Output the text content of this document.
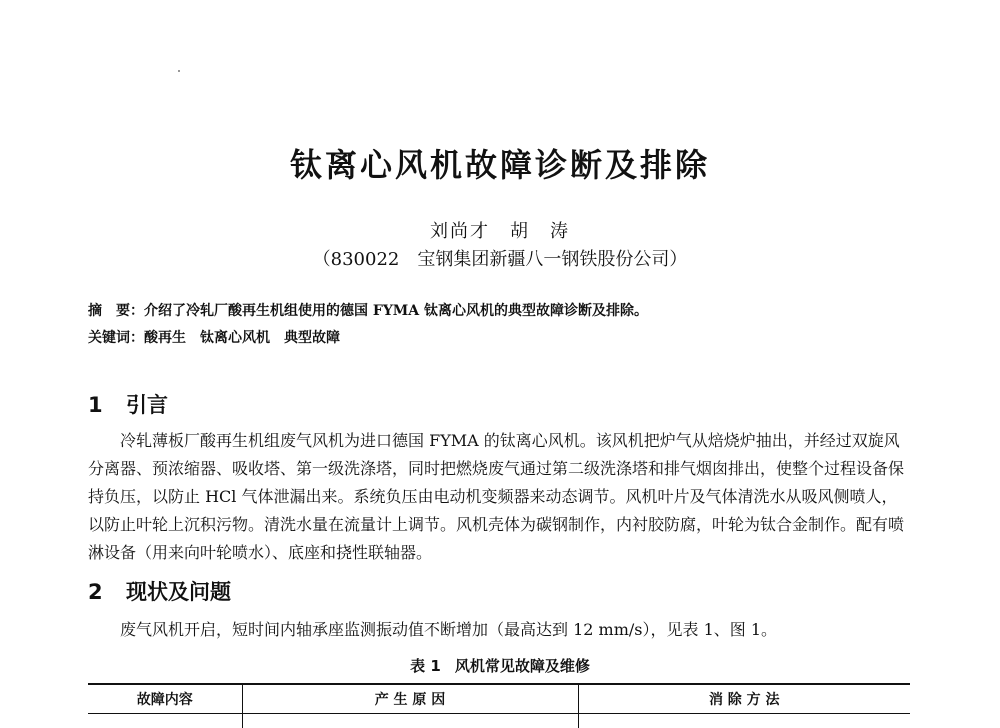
钛离心风机故障诊断及排除
刘尚才　胡　涛
（830022　宝钢集团新疆八一钢铁股份公司）
摘　要：介绍了冷轧厂酸再生机组使用的德国 FYMA 钛离心风机的典型故障诊断及排除。
关键词：酸再生　钛离心风机　典型故障
1 引言
冷轧薄板厂酸再生机组废气风机为进口德国 FYMA 的钛离心风机。该风机把炉气从焙烧炉抽出，并经过双旋风分离器、预浓缩器、吸收塔、第一级洗涤塔，同时把燃烧废气通过第二级洗涤塔和排气烟囱排出，使整个过程设备保持负压，以防止 HCl 气体泄漏出来。系统负压由电动机变频器来动态调节。风机叶片及气体清洗水从吸风侧喷人，以防止叶轮上沉积污物。清洗水量在流量计上调节。风机壳体为碳钢制作，内衬胶防腐，叶轮为钛合金制作。配有喷淋设备（用来向叶轮喷水）、底座和挠性联轴器。
2 现状及问题
废气风机开启，短时间内轴承座监测振动值不断增加（最高达到 12 mm/s），见表 1、图 1。
表 1 风机常见故障及维修
故障内容	产 生 原 因	消 除 方 法
